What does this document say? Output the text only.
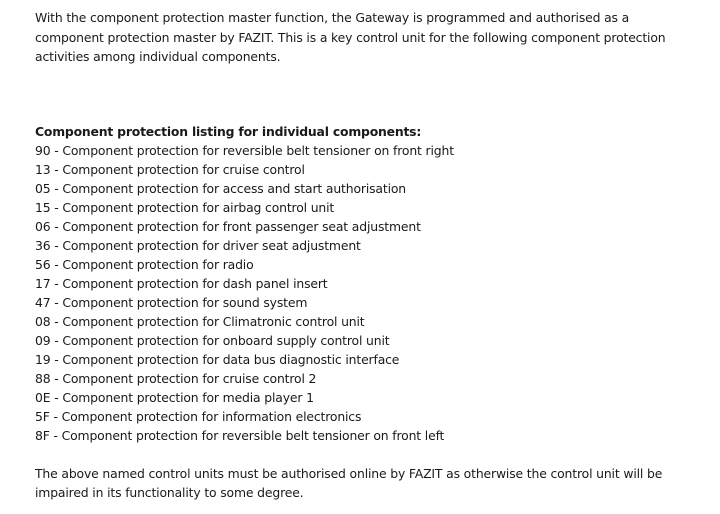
With the component protection master function, the Gateway is programmed and authorised as a component protection master by FAZIT. This is a key control unit for the following component protection activities among individual components.

Component protection listing for individual components:

90 - Component protection for reversible belt tensioner on front right
13 - Component protection for cruise control
05 - Component protection for access and start authorisation
15 - Component protection for airbag control unit
06 - Component protection for front passenger seat adjustment
36 - Component protection for driver seat adjustment
56 - Component protection for radio
17 - Component protection for dash panel insert
47 - Component protection for sound system
08 - Component protection for Climatronic control unit
09 - Component protection for onboard supply control unit
19 - Component protection for data bus diagnostic interface
88 - Component protection for cruise control 2
0E - Component protection for media player 1
5F - Component protection for information electronics
8F - Component protection for reversible belt tensioner on front left

The above named control units must be authorised online by FAZIT as otherwise the control unit will be impaired in its functionality to some degree.
